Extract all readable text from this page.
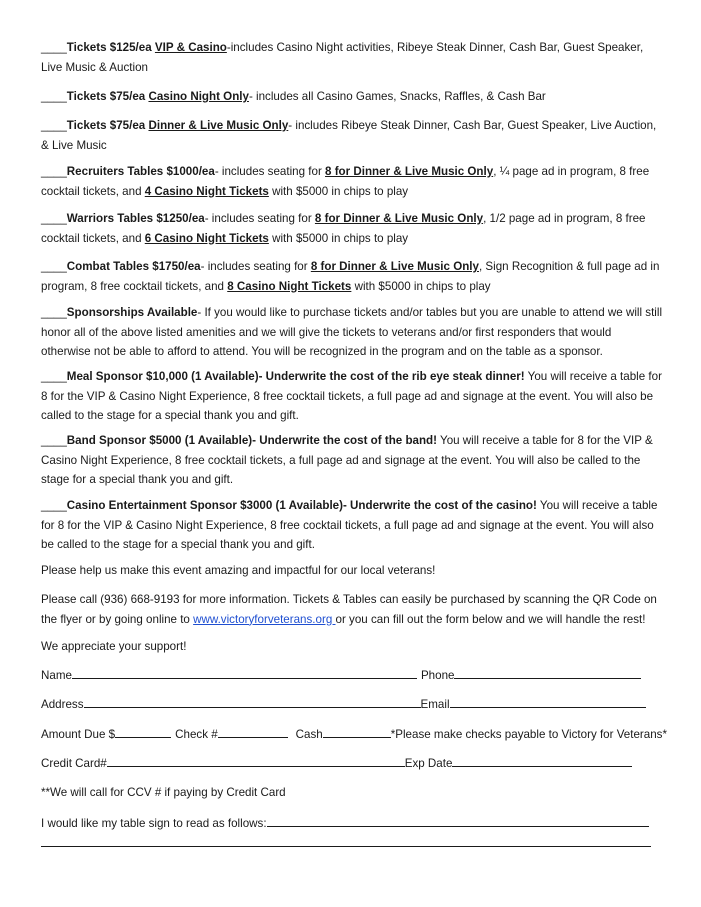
____Tickets $125/ea VIP & Casino-includes Casino Night activities, Ribeye Steak Dinner, Cash Bar, Guest Speaker, Live Music & Auction

____Tickets $75/ea Casino Night Only- includes all Casino Games, Snacks, Raffles, & Cash Bar

____Tickets $75/ea Dinner & Live Music Only- includes Ribeye Steak Dinner, Cash Bar, Guest Speaker, Live Auction, & Live Music

____Recruiters Tables $1000/ea- includes seating for 8 for Dinner & Live Music Only, ¼ page ad in program, 8 free cocktail tickets, and 4 Casino Night Tickets with $5000 in chips to play

____Warriors Tables $1250/ea- includes seating for 8 for Dinner & Live Music Only, 1/2 page ad in program, 8 free cocktail tickets, and 6 Casino Night Tickets with $5000 in chips to play

____Combat Tables $1750/ea- includes seating for 8 for Dinner & Live Music Only, Sign Recognition & full page ad in program, 8 free cocktail tickets, and 8 Casino Night Tickets with $5000 in chips to play

____Sponsorships Available- If you would like to purchase tickets and/or tables but you are unable to attend we will still honor all of the above listed amenities and we will give the tickets to veterans and/or first responders that would otherwise not be able to afford to attend. You will be recognized in the program and on the table as a sponsor.

____Meal Sponsor $10,000 (1 Available)- Underwrite the cost of the rib eye steak dinner! You will receive a table for 8 for the VIP & Casino Night Experience, 8 free cocktail tickets, a full page ad and signage at the event. You will also be called to the stage for a special thank you and gift.

____Band Sponsor $5000 (1 Available)- Underwrite the cost of the band! You will receive a table for 8 for the VIP & Casino Night Experience, 8 free cocktail tickets, a full page ad and signage at the event. You will also be called to the stage for a special thank you and gift.

____Casino Entertainment Sponsor $3000 (1 Available)- Underwrite the cost of the casino! You will receive a table for 8 for the VIP & Casino Night Experience, 8 free cocktail tickets, a full page ad and signage at the event. You will also be called to the stage for a special thank you and gift.

Please help us make this event amazing and impactful for our local veterans!

Please call (936) 668-9193 for more information. Tickets & Tables can easily be purchased by scanning the QR Code on the flyer or by going online to www.victoryforveterans.org or you can fill out the form below and we will handle the rest!

We appreciate your support!

Name	Phone
Address	Email
Amount Due $	Check #	Cash	*Please make checks payable to Victory for Veterans*
Credit Card#	Exp Date

**We will call for CCV # if paying by Credit Card

I would like my table sign to read as follows:
